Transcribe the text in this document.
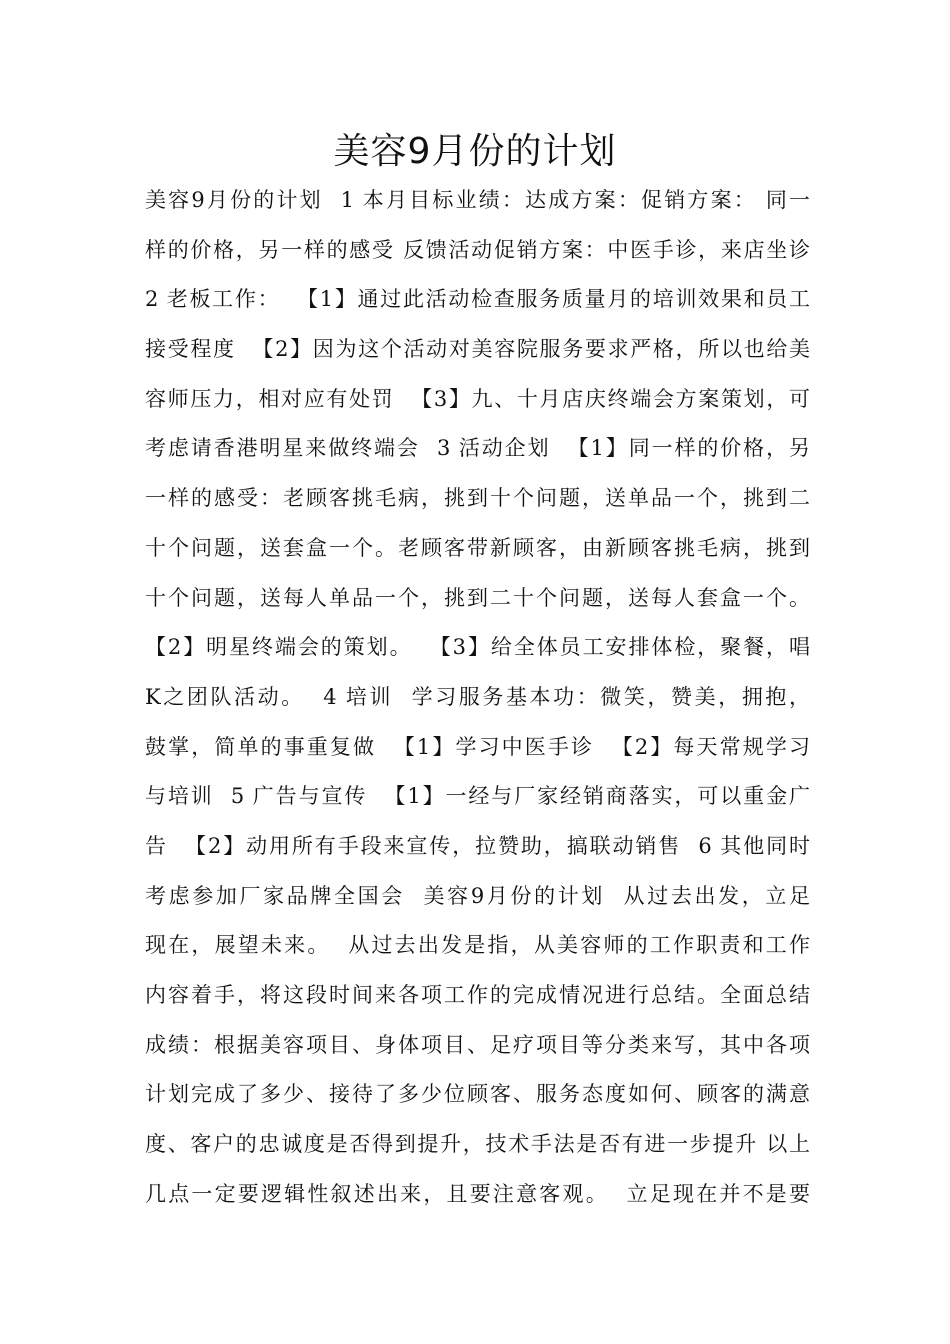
美容9月份的计划
美容9月份的计划  1 本月目标业绩：达成方案：促销方案： 同一
样的价格，另一样的感受 反馈活动促销方案：中医手诊，来店坐诊
2 老板工作：  【1】通过此活动检查服务质量月的培训效果和员工
接受程度  【2】因为这个活动对美容院服务要求严格，所以也给美
容师压力，相对应有处罚  【3】九、十月店庆终端会方案策划，可
考虑请香港明星来做终端会  3 活动企划  【1】同一样的价格，另
一样的感受：老顾客挑毛病，挑到十个问题，送单品一个，挑到二
十个问题，送套盒一个。老顾客带新顾客，由新顾客挑毛病，挑到
十个问题，送每人单品一个，挑到二十个问题，送每人套盒一个。
【2】明星终端会的策划。  【3】给全体员工安排体检，聚餐，唱
K之团队活动。  4 培训  学习服务基本功：微笑，赞美，拥抱，
鼓掌，简单的事重复做  【1】学习中医手诊  【2】每天常规学习
与培训  5 广告与宣传  【1】一经与厂家经销商落实，可以重金广
告  【2】动用所有手段来宣传，拉赞助，搞联动销售  6 其他同时
考虑参加厂家品牌全国会  美容9月份的计划  从过去出发，立足
现在，展望未来。  从过去出发是指，从美容师的工作职责和工作
内容着手，将这段时间来各项工作的完成情况进行总结。全面总结
成绩：根据美容项目、身体项目、足疗项目等分类来写，其中各项
计划完成了多少、接待了多少位顾客、服务态度如何、顾客的满意
度、客户的忠诚度是否得到提升，技术手法是否有进一步提升 以上
几点一定要逻辑性叙述出来，且要注意客观。  立足现在并不是要
